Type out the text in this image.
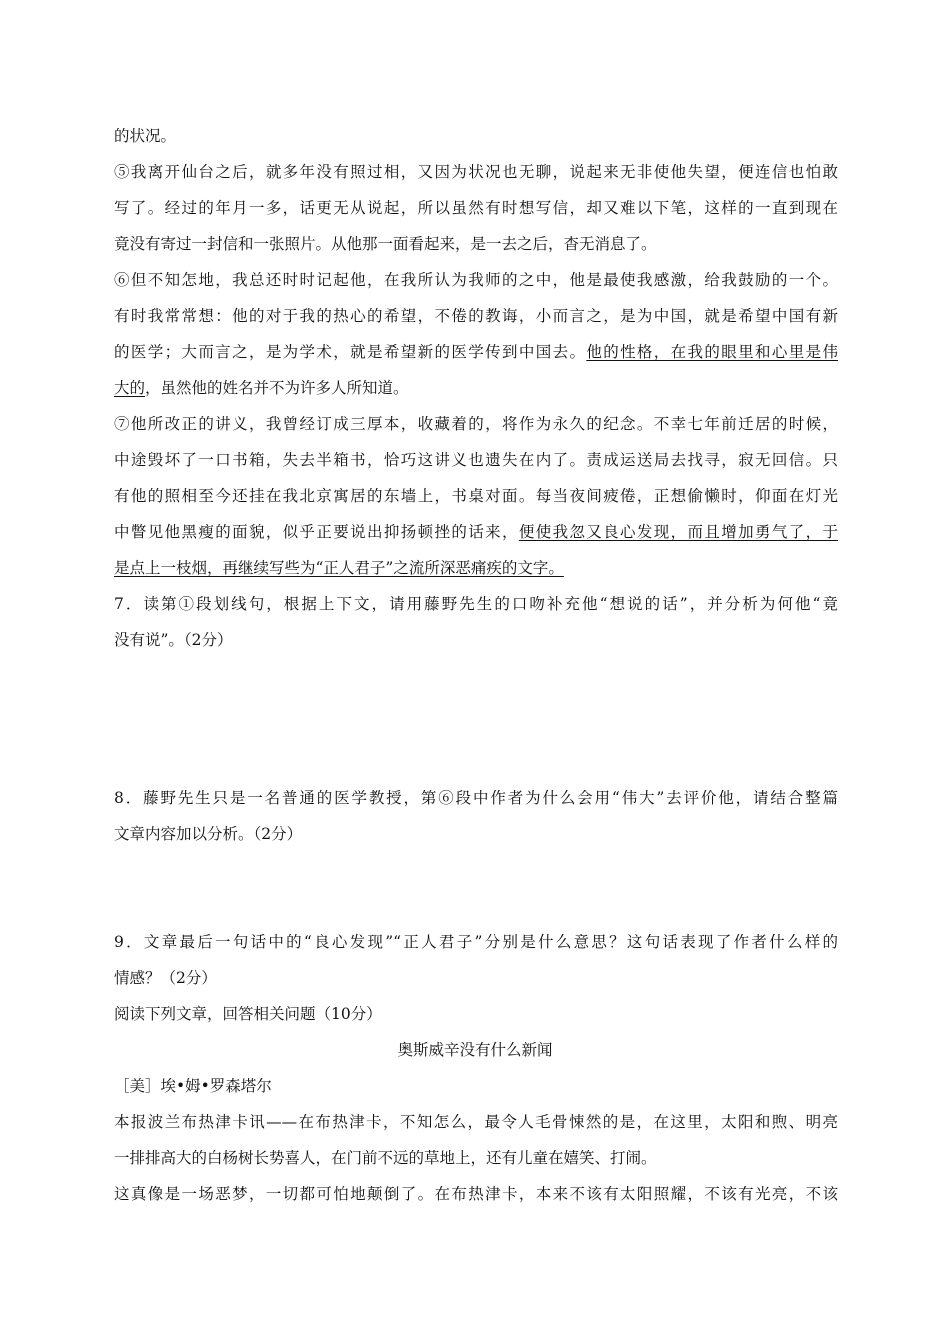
的状况。
⑤我离开仙台之后，就多年没有照过相，又因为状况也无聊，说起来无非使他失望，便连信也怕敢
写了。经过的年月一多，话更无从说起，所以虽然有时想写信，却又难以下笔，这样的一直到现在
竟没有寄过一封信和一张照片。从他那一面看起来，是一去之后，杳无消息了。
⑥但不知怎地，我总还时时记起他，在我所认为我师的之中，他是最使我感激，给我鼓励的一个。
有时我常常想：他的对于我的热心的希望，不倦的教诲，小而言之，是为中国，就是希望中国有新
的医学；大而言之，是为学术，就是希望新的医学传到中国去。他的性格，在我的眼里和心里是伟
大的，虽然他的姓名并不为许多人所知道。
⑦他所改正的讲义，我曾经订成三厚本，收藏着的，将作为永久的纪念。不幸七年前迁居的时候，
中途毁坏了一口书箱，失去半箱书，恰巧这讲义也遗失在内了。责成运送局去找寻，寂无回信。只
有他的照相至今还挂在我北京寓居的东墙上，书桌对面。每当夜间疲倦，正想偷懒时，仰面在灯光
中瞥见他黑瘦的面貌，似乎正要说出抑扬顿挫的话来，便使我忽又良心发现，而且增加勇气了，于
是点上一枝烟，再继续写些为“正人君子”之流所深恶痛疾的文字。
7．读第①段划线句，根据上下文，请用藤野先生的口吻补充他“想说的话”，并分析为何他“竟
没有说”。（2分）
8．藤野先生只是一名普通的医学教授，第⑥段中作者为什么会用“伟大”去评价他，请结合整篇
文章内容加以分析。（2分）
9．文章最后一句话中的“良心发现”“正人君子”分别是什么意思？这句话表现了作者什么样的
情感？（2分）
阅读下列文章，回答相关问题（10分）
奥斯威辛没有什么新闻
［美］埃•姆•罗森塔尔
本报波兰布热津卡讯——在布热津卡，不知怎么，最令人毛骨悚然的是，在这里，太阳和煦、明亮
一排排高大的白杨树长势喜人，在门前不远的草地上，还有儿童在嬉笑、打闹。
这真像是一场恶梦，一切都可怕地颠倒了。在布热津卡，本来不该有太阳照耀，不该有光亮，不该
